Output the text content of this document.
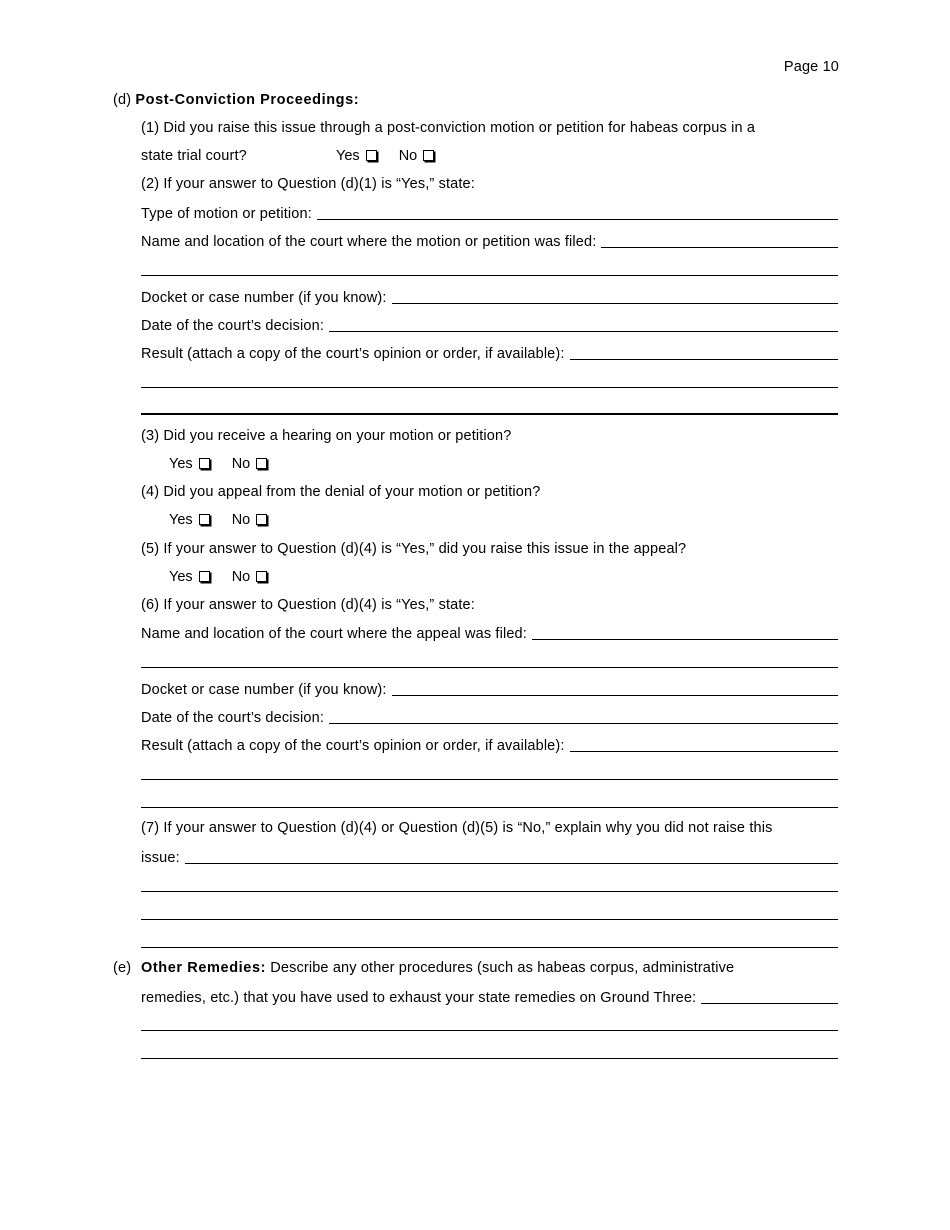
Page 10
(d) Post-Conviction Proceedings:
(1) Did you raise this issue through a post-conviction motion or petition for habeas corpus in a
state trial court?	Yes	No
(2) If your answer to Question (d)(1) is “Yes,” state:
Type of motion or petition:
Name and location of the court where the motion or petition was filed:
Docket or case number (if you know):
Date of the court’s decision:
Result (attach a copy of the court’s opinion or order, if available):
(3) Did you receive a hearing on your motion or petition?
Yes	No
(4) Did you appeal from the denial of your motion or petition?
Yes	No
(5) If your answer to Question (d)(4) is “Yes,” did you raise this issue in the appeal?
Yes	No
(6) If your answer to Question (d)(4) is “Yes,” state:
Name and location of the court where the appeal was filed:
Docket or case number (if you know):
Date of the court’s decision:
Result (attach a copy of the court’s opinion or order, if available):
(7) If your answer to Question (d)(4) or Question (d)(5) is “No,” explain why you did not raise this
issue:
(e) Other Remedies: Describe any other procedures (such as habeas corpus, administrative
remedies, etc.) that you have used to exhaust your state remedies on Ground Three:
